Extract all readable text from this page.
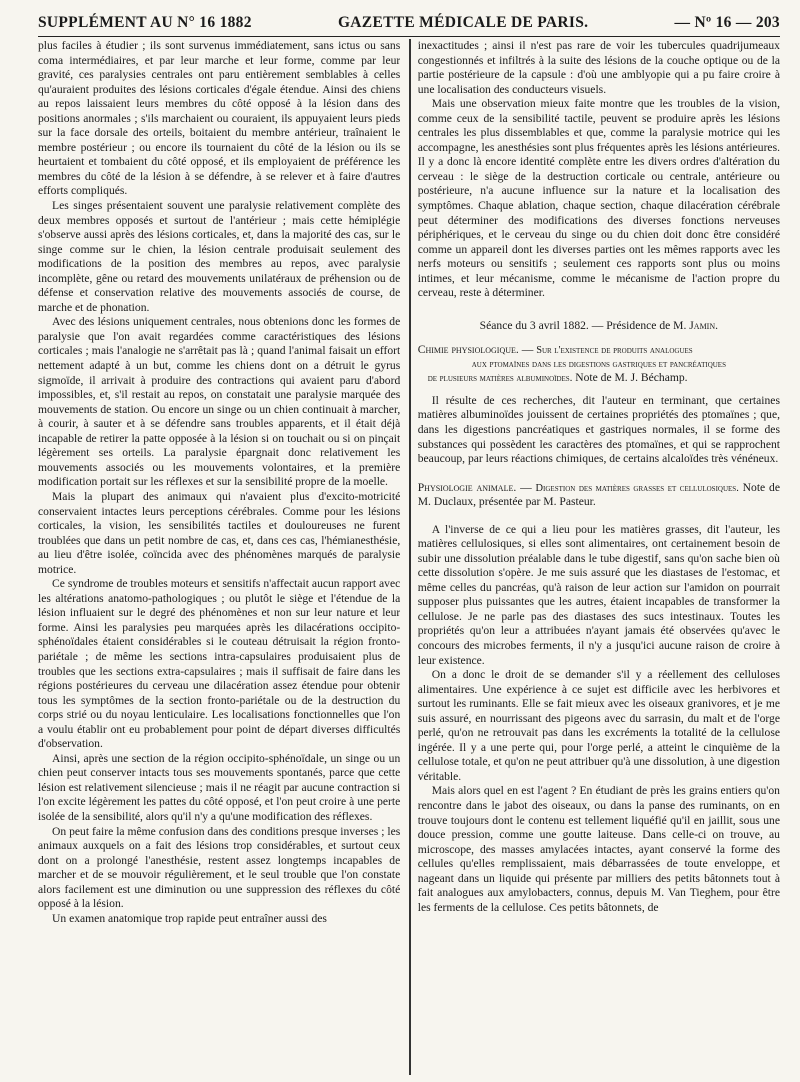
SUPPLÉMENT AU N° 16 1882	GAZETTE MÉDICALE DE PARIS.	— Nº 16 — 203

plus faciles à étudier ; ils sont survenus immédiatement, sans ictus ou sans coma intermédiaires, et par leur marche et leur forme, comme par leur gravité, ces paralysies centrales ont paru entièrement semblables à celles qu'auraient produites des lésions corticales d'égale étendue. Ainsi des chiens au repos laissaient leurs membres du côté opposé à la lésion dans des positions anormales ; s'ils marchaient ou couraient, ils appuyaient leurs pieds sur la face dorsale des orteils, boitaient du membre antérieur, traînaient le membre postérieur ; ou encore ils tournaient du côté de la lésion ou ils se heurtaient et tombaient du côté opposé, et ils employaient de préférence les membres du côté de la lésion à se défendre, à se relever et à faire d'autres efforts compliqués.

Les singes présentaient souvent une paralysie relativement complète des deux membres opposés et surtout de l'antérieur ; mais cette hémiplégie s'observe aussi après des lésions corticales, et, dans la majorité des cas, sur le singe comme sur le chien, la lésion centrale produisait seulement des modifications de la position des membres au repos, avec paralysie incomplète, gêne ou retard des mouvements unilatéraux de préhension ou de défense et conservation relative des mouvements associés de course, de marche et de phonation.

Avec des lésions uniquement centrales, nous obtenions donc les formes de paralysie que l'on avait regardées comme caractéristiques des lésions corticales ; mais l'analogie ne s'arrêtait pas là ; quand l'animal faisait un effort nettement adapté à un but, comme les chiens dont on a détruit le gyrus sigmoïde, il arrivait à produire des contractions qui avaient paru d'abord impossibles, et, s'il restait au repos, on constatait une paralysie marquée des mouvements de station. Ou encore un singe ou un chien continuait à marcher, à courir, à sauter et à se défendre sans troubles apparents, et il était déjà incapable de retirer la patte opposée à la lésion si on touchait ou si on pinçait légèrement ses orteils. La paralysie épargnait donc relativement les mouvements associés ou les mouvements volontaires, et la première modification portait sur les réflexes et sur la sensibilité propre de la moelle.

Mais la plupart des animaux qui n'avaient plus d'excito-motricité conservaient intactes leurs perceptions cérébrales. Comme pour les lésions corticales, la vision, les sensibilités tactiles et douloureuses ne furent troublées que dans un petit nombre de cas, et, dans ces cas, l'hémianesthésie, au lieu d'être isolée, coïncida avec des phénomènes marqués de paralysie motrice.

Ce syndrome de troubles moteurs et sensitifs n'affectait aucun rapport avec les altérations anatomo-pathologiques ; ou plutôt le siège et l'étendue de la lésion influaient sur le degré des phénomènes et non sur leur nature et leur forme. Ainsi les paralysies peu marquées après les dilacérations occipito-sphénoïdales étaient considérables si le couteau détruisait la région fronto-pariétale ; de même les sections intra-capsulaires produisaient plus de troubles que les sections extra-capsulaires ; mais il suffisait de faire dans les régions postérieures du cerveau une dilacération assez étendue pour obtenir tous les symptômes de la section fronto-pariétale ou de la destruction du corps strié ou du noyau lenticulaire. Les localisations fonctionnelles que l'on a voulu établir ont eu probablement pour point de départ diverses difficultés d'observation.

Ainsi, après une section de la région occipito-sphénoïdale, un singe ou un chien peut conserver intacts tous ses mouvements spontanés, parce que cette lésion est relativement silencieuse ; mais il ne réagit par aucune contraction si l'on excite légèrement les pattes du côté opposé, et l'on peut croire à une perte isolée de la sensibilité, alors qu'il n'y a qu'une modification des réflexes.

On peut faire la même confusion dans des conditions presque inverses ; les animaux auxquels on a fait des lésions trop considérables, et surtout ceux dont on a prolongé l'anesthésie, restent assez longtemps incapables de marcher et de se mouvoir régulièrement, et le seul trouble que l'on constate alors facilement est une diminution ou une suppression des réflexes du côté opposé à la lésion.

Un examen anatomique trop rapide peut entraîner aussi des

inexactitudes ; ainsi il n'est pas rare de voir les tubercules quadrijumeaux congestionnés et infiltrés à la suite des lésions de la couche optique ou de la partie postérieure de la capsule : d'où une amblyopie qui a pu faire croire à une localisation des conducteurs visuels.

Mais une observation mieux faite montre que les troubles de la vision, comme ceux de la sensibilité tactile, peuvent se produire après les lésions centrales les plus dissemblables et que, comme la paralysie motrice qui les accompagne, les anesthésies sont plus fréquentes après les lésions antérieures. Il y a donc là encore identité complète entre les divers ordres d'altération du cerveau : le siège de la destruction corticale ou centrale, antérieure ou postérieure, n'a aucune influence sur la nature et la localisation des symptômes. Chaque ablation, chaque section, chaque dilacération cérébrale peut déterminer des modifications des diverses fonctions nerveuses périphériques, et le cerveau du singe ou du chien doit donc être considéré comme un appareil dont les diverses parties ont les mêmes rapports avec les nerfs moteurs ou sensitifs ; seulement ces rapports sont plus ou moins intimes, et leur mécanisme, comme le mécanisme de l'action propre du cerveau, reste à déterminer.

Séance du 3 avril 1882. — Présidence de M. Jamin.

Chimie physiologique. — Sur l'existence de produits analogues
aux ptomaïnes dans les digestions gastriques et pancréatiques
de plusieurs matières albuminoïdes. Note de M. J. Béchamp.

Il résulte de ces recherches, dit l'auteur en terminant, que certaines matières albuminoïdes jouissent de certaines propriétés des ptomaïnes ; que, dans les digestions pancréatiques et gastriques normales, il se forme des substances qui possèdent les caractères des ptomaïnes, et qui se rapprochent beaucoup, par leurs réactions chimiques, de certains alcaloïdes très vénéneux.

Physiologie animale. — Digestion des matières grasses et cellulosiques. Note de M. Duclaux, présentée par M. Pasteur.

A l'inverse de ce qui a lieu pour les matières grasses, dit l'auteur, les matières cellulosiques, si elles sont alimentaires, ont certainement besoin de subir une dissolution préalable dans le tube digestif, sans qu'on sache bien où cette dissolution s'opère. Je me suis assuré que les diastases de l'estomac, et même celles du pancréas, qu'à raison de leur action sur l'amidon on pourrait supposer plus puissantes que les autres, étaient incapables de transformer la cellulose. Je ne parle pas des diastases des sucs intestinaux. Toutes les propriétés qu'on leur a attribuées n'ayant jamais été observées qu'avec le concours des microbes ferments, il n'y a jusqu'ici aucune raison de croire à leur existence.

On a donc le droit de se demander s'il y a réellement des celluloses alimentaires. Une expérience à ce sujet est difficile avec les herbivores et surtout les ruminants. Elle se fait mieux avec les oiseaux granivores, et je me suis assuré, en nourrissant des pigeons avec du sarrasin, du malt et de l'orge perlé, qu'on ne retrouvait pas dans les excréments la totalité de la cellulose ingérée. Il y a une perte qui, pour l'orge perlé, a atteint le cinquième de la cellulose totale, et qu'on ne peut attribuer qu'à une dissolution, à une digestion véritable.

Mais alors quel en est l'agent ? En étudiant de près les grains entiers qu'on rencontre dans le jabot des oiseaux, ou dans la panse des ruminants, on en trouve toujours dont le contenu est tellement liquéfié qu'il en jaillit, sous une douce pression, comme une goutte laiteuse. Dans celle-ci on trouve, au microscope, des masses amylacées intactes, ayant conservé la forme des cellules qu'elles remplissaient, mais débarrassées de toute enveloppe, et nageant dans un liquide qui présente par milliers des petits bâtonnets tout à fait analogues aux amylobacters, connus, depuis M. Van Tieghem, pour être les ferments de la cellulose. Ces petits bâtonnets, de
